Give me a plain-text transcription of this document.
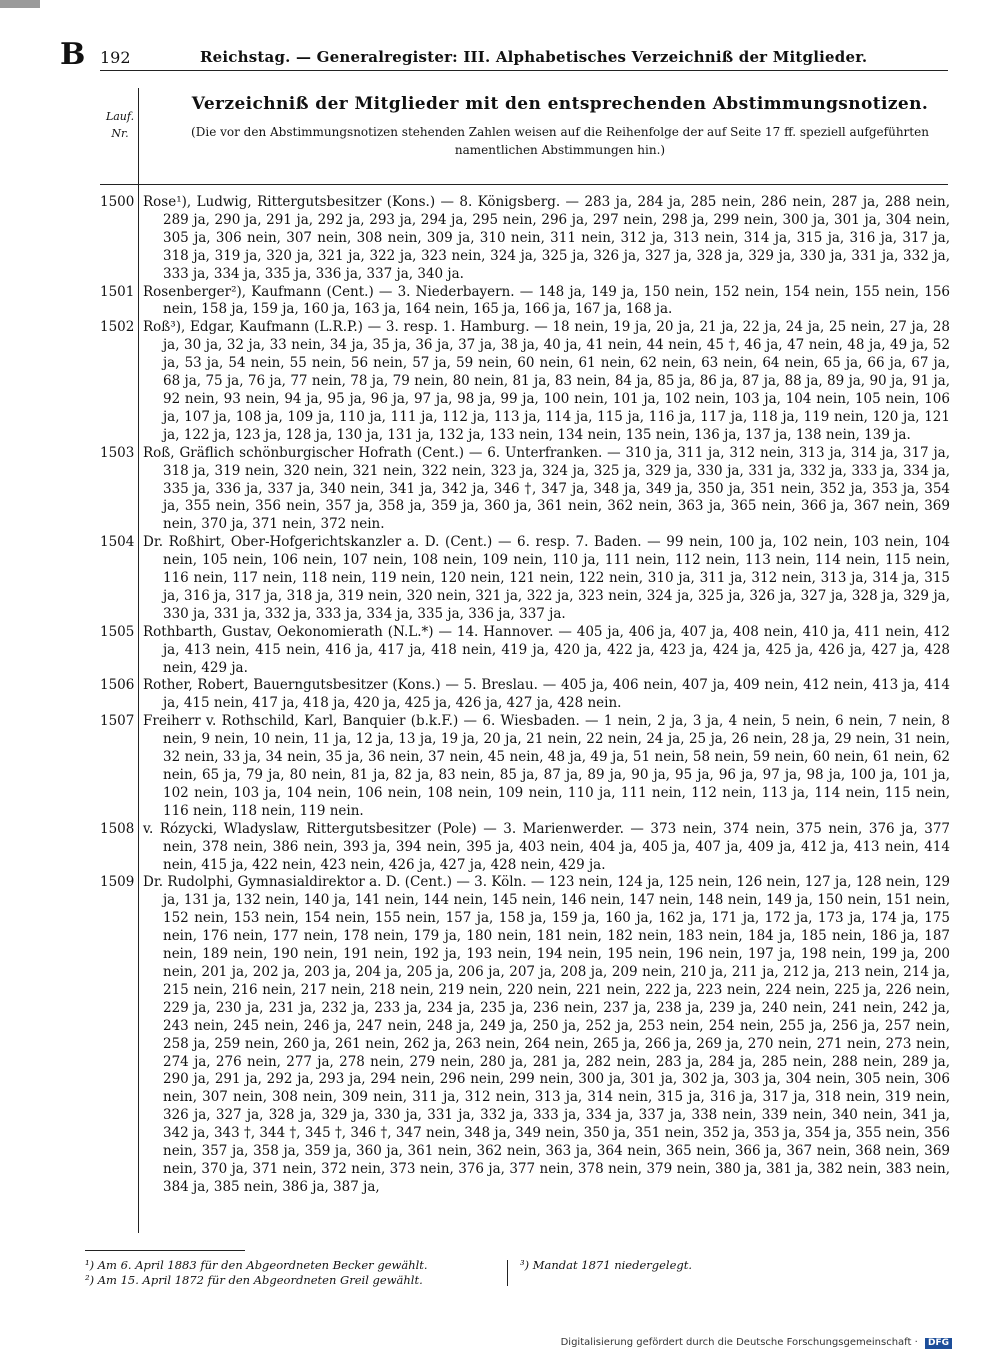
B 192	Reichstag. — Generalregister: III. Alphabetisches Verzeichniß der Mitglieder.
Lauf.
Nr.
Verzeichniß der Mitglieder mit den entsprechenden Abstimmungsnotizen.
(Die vor den Abstimmungsnotizen stehenden Zahlen weisen auf die Reihenfolge der auf Seite 17 ff. speziell aufgeführten namentlichen Abstimmungen hin.)
1500 Rose¹), Ludwig, Rittergutsbesitzer (Kons.) — 8. Königsberg. — 283 ja, 284 ja, 285 nein, 286 nein, 287 ja, 288 nein, 289 ja, 290 ja, 291 ja, 292 ja, 293 ja, 294 ja, 295 nein, 296 ja, 297 nein, 298 ja, 299 nein, 300 ja, 301 ja, 304 nein, 305 ja, 306 nein, 307 nein, 308 nein, 309 ja, 310 nein, 311 nein, 312 ja, 313 nein, 314 ja, 315 ja, 316 ja, 317 ja, 318 ja, 319 ja, 320 ja, 321 ja, 322 ja, 323 nein, 324 ja, 325 ja, 326 ja, 327 ja, 328 ja, 329 ja, 330 ja, 331 ja, 332 ja, 333 ja, 334 ja, 335 ja, 336 ja, 337 ja, 340 ja.
1501 Rosenberger²), Kaufmann (Cent.) — 3. Niederbayern. — 148 ja, 149 ja, 150 nein, 152 nein, 154 nein, 155 nein, 156 nein, 158 ja, 159 ja, 160 ja, 163 ja, 164 nein, 165 ja, 166 ja, 167 ja, 168 ja.
1502 Roß³), Edgar, Kaufmann (L.R.P.) — 3. resp. 1. Hamburg. — 18 nein, 19 ja, 20 ja, 21 ja, 22 ja, 24 ja, 25 nein, 27 ja, 28 ja, 30 ja, 32 ja, 33 nein, 34 ja, 35 ja, 36 ja, 37 ja, 38 ja, 40 ja, 41 nein, 44 nein, 45 †, 46 ja, 47 nein, 48 ja, 49 ja, 52 ja, 53 ja, 54 nein, 55 nein, 56 nein, 57 ja, 59 nein, 60 nein, 61 nein, 62 nein, 63 nein, 64 nein, 65 ja, 66 ja, 67 ja, 68 ja, 75 ja, 76 ja, 77 nein, 78 ja, 79 nein, 80 nein, 81 ja, 83 nein, 84 ja, 85 ja, 86 ja, 87 ja, 88 ja, 89 ja, 90 ja, 91 ja, 92 nein, 93 nein, 94 ja, 95 ja, 96 ja, 97 ja, 98 ja, 99 ja, 100 nein, 101 ja, 102 nein, 103 ja, 104 nein, 105 nein, 106 ja, 107 ja, 108 ja, 109 ja, 110 ja, 111 ja, 112 ja, 113 ja, 114 ja, 115 ja, 116 ja, 117 ja, 118 ja, 119 nein, 120 ja, 121 ja, 122 ja, 123 ja, 128 ja, 130 ja, 131 ja, 132 ja, 133 nein, 134 nein, 135 nein, 136 ja, 137 ja, 138 nein, 139 ja.
1503 Roß, Gräflich schönburgischer Hofrath (Cent.) — 6. Unterfranken. — 310 ja, 311 ja, 312 nein, 313 ja, 314 ja, 317 ja, 318 ja, 319 nein, 320 nein, 321 nein, 322 nein, 323 ja, 324 ja, 325 ja, 329 ja, 330 ja, 331 ja, 332 ja, 333 ja, 334 ja, 335 ja, 336 ja, 337 ja, 340 nein, 341 ja, 342 ja, 346 †, 347 ja, 348 ja, 349 ja, 350 ja, 351 nein, 352 ja, 353 ja, 354 ja, 355 nein, 356 nein, 357 ja, 358 ja, 359 ja, 360 ja, 361 nein, 362 nein, 363 ja, 365 nein, 366 ja, 367 nein, 369 nein, 370 ja, 371 nein, 372 nein.
1504 Dr. Roßhirt, Ober-Hofgerichtskanzler a. D. (Cent.) — 6. resp. 7. Baden. — 99 nein, 100 ja, 102 nein, 103 nein, 104 nein, 105 nein, 106 nein, 107 nein, 108 nein, 109 nein, 110 ja, 111 nein, 112 nein, 113 nein, 114 nein, 115 nein, 116 nein, 117 nein, 118 nein, 119 nein, 120 nein, 121 nein, 122 nein, 310 ja, 311 ja, 312 nein, 313 ja, 314 ja, 315 ja, 316 ja, 317 ja, 318 ja, 319 nein, 320 nein, 321 ja, 322 ja, 323 nein, 324 ja, 325 ja, 326 ja, 327 ja, 328 ja, 329 ja, 330 ja, 331 ja, 332 ja, 333 ja, 334 ja, 335 ja, 336 ja, 337 ja.
1505 Rothbarth, Gustav, Oekonomierath (N.L.*) — 14. Hannover. — 405 ja, 406 ja, 407 ja, 408 nein, 410 ja, 411 nein, 412 ja, 413 nein, 415 nein, 416 ja, 417 ja, 418 nein, 419 ja, 420 ja, 422 ja, 423 ja, 424 ja, 425 ja, 426 ja, 427 ja, 428 nein, 429 ja.
1506 Rother, Robert, Bauerngutsbesitzer (Kons.) — 5. Breslau. — 405 ja, 406 nein, 407 ja, 409 nein, 412 nein, 413 ja, 414 ja, 415 nein, 417 ja, 418 ja, 420 ja, 425 ja, 426 ja, 427 ja, 428 nein.
1507 Freiherr v. Rothschild, Karl, Banquier (b.k.F.) — 6. Wiesbaden. — 1 nein, 2 ja, 3 ja, 4 nein, 5 nein, 6 nein, 7 nein, 8 nein, 9 nein, 10 nein, 11 ja, 12 ja, 13 ja, 19 ja, 20 ja, 21 nein, 22 nein, 24 ja, 25 ja, 26 nein, 28 ja, 29 nein, 31 nein, 32 nein, 33 ja, 34 nein, 35 ja, 36 nein, 37 nein, 45 nein, 48 ja, 49 ja, 51 nein, 58 nein, 59 nein, 60 nein, 61 nein, 62 nein, 65 ja, 79 ja, 80 nein, 81 ja, 82 ja, 83 nein, 85 ja, 87 ja, 89 ja, 90 ja, 95 ja, 96 ja, 97 ja, 98 ja, 100 ja, 101 ja, 102 nein, 103 ja, 104 nein, 106 nein, 108 nein, 109 nein, 110 ja, 111 nein, 112 nein, 113 ja, 114 nein, 115 nein, 116 nein, 118 nein, 119 nein.
1508 v. Rózycki, Wladyslaw, Rittergutsbesitzer (Pole) — 3. Marienwerder. — 373 nein, 374 nein, 375 nein, 376 ja, 377 nein, 378 nein, 386 nein, 393 ja, 394 nein, 395 ja, 403 nein, 404 ja, 405 ja, 407 ja, 409 ja, 412 ja, 413 nein, 414 nein, 415 ja, 422 nein, 423 nein, 426 ja, 427 ja, 428 nein, 429 ja.
1509 Dr. Rudolphi, Gymnasialdirektor a. D. (Cent.) — 3. Köln. — 123 nein, 124 ja, 125 nein, 126 nein, 127 ja, 128 nein, 129 ja, 131 ja, 132 nein, 140 ja, 141 nein, 144 nein, 145 nein, 146 nein, 147 nein, 148 nein, 149 ja, 150 nein, 151 nein, 152 nein, 153 nein, 154 nein, 155 nein, 157 ja, 158 ja, 159 ja, 160 ja, 162 ja, 171 ja, 172 ja, 173 ja, 174 ja, 175 nein, 176 nein, 177 nein, 178 nein, 179 ja, 180 nein, 181 nein, 182 nein, 183 nein, 184 ja, 185 nein, 186 ja, 187 nein, 189 nein, 190 nein, 191 nein, 192 ja, 193 nein, 194 nein, 195 nein, 196 nein, 197 ja, 198 nein, 199 ja, 200 nein, 201 ja, 202 ja, 203 ja, 204 ja, 205 ja, 206 ja, 207 ja, 208 ja, 209 nein, 210 ja, 211 ja, 212 ja, 213 nein, 214 ja, 215 nein, 216 nein, 217 nein, 218 nein, 219 nein, 220 nein, 221 nein, 222 ja, 223 nein, 224 nein, 225 ja, 226 nein, 229 ja, 230 ja, 231 ja, 232 ja, 233 ja, 234 ja, 235 ja, 236 nein, 237 ja, 238 ja, 239 ja, 240 nein, 241 nein, 242 ja, 243 nein, 245 nein, 246 ja, 247 nein, 248 ja, 249 ja, 250 ja, 252 ja, 253 nein, 254 nein, 255 ja, 256 ja, 257 nein, 258 ja, 259 nein, 260 ja, 261 nein, 262 ja, 263 nein, 264 nein, 265 ja, 266 ja, 269 ja, 270 nein, 271 nein, 273 nein, 274 ja, 276 nein, 277 ja, 278 nein, 279 nein, 280 ja, 281 ja, 282 nein, 283 ja, 284 ja, 285 nein, 288 nein, 289 ja, 290 ja, 291 ja, 292 ja, 293 ja, 294 nein, 296 nein, 299 nein, 300 ja, 301 ja, 302 ja, 303 ja, 304 nein, 305 nein, 306 nein, 307 nein, 308 nein, 309 nein, 311 ja, 312 nein, 313 ja, 314 nein, 315 ja, 316 ja, 317 ja, 318 nein, 319 nein, 326 ja, 327 ja, 328 ja, 329 ja, 330 ja, 331 ja, 332 ja, 333 ja, 334 ja, 337 ja, 338 nein, 339 nein, 340 nein, 341 ja, 342 ja, 343 †, 344 †, 345 †, 346 †, 347 nein, 348 ja, 349 nein, 350 ja, 351 nein, 352 ja, 353 ja, 354 ja, 355 nein, 356 nein, 357 ja, 358 ja, 359 ja, 360 ja, 361 nein, 362 nein, 363 ja, 364 nein, 365 nein, 366 ja, 367 nein, 368 nein, 369 nein, 370 ja, 371 nein, 372 nein, 373 nein, 376 ja, 377 nein, 378 nein, 379 nein, 380 ja, 381 ja, 382 nein, 383 nein, 384 ja, 385 nein, 386 ja, 387 ja,
¹) Am 6. April 1883 für den Abgeordneten Becker gewählt.
²) Am 15. April 1872 für den Abgeordneten Greil gewählt.
³) Mandat 1871 niedergelegt.
Digitalisierung gefördert durch die Deutsche Forschungsgemeinschaft · DFG
